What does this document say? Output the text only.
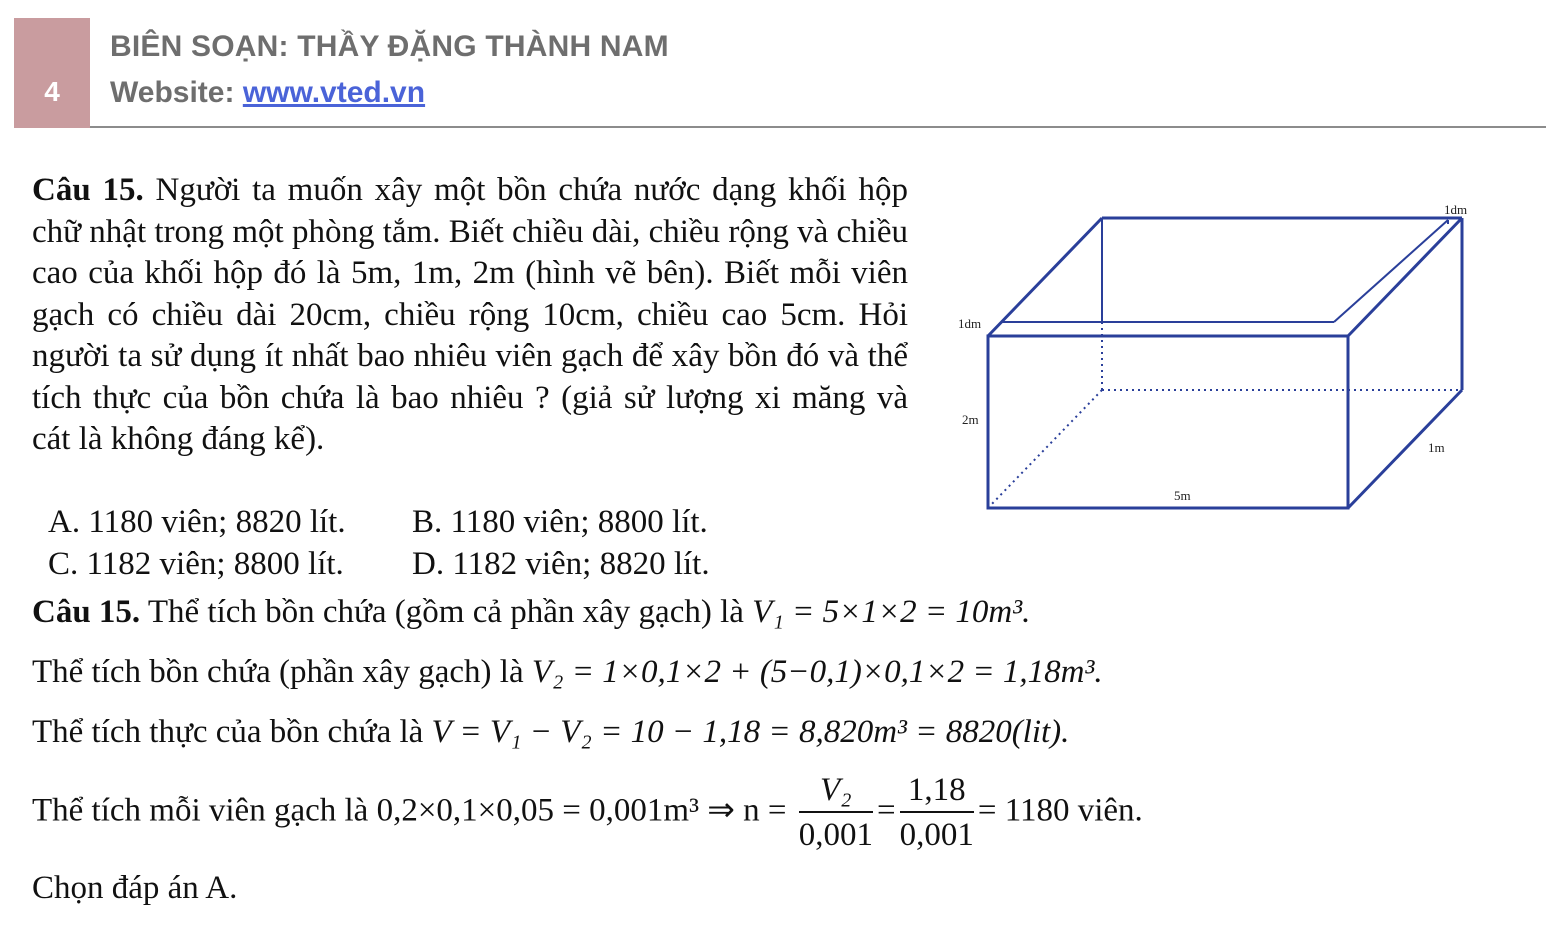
4
BIÊN SOẠN: THẦY ĐẶNG THÀNH NAM
Website: www.vted.vn
Câu 15. Người ta muốn xây một bồn chứa nước dạng khối hộp chữ nhật trong một phòng tắm. Biết chiều dài, chiều rộng và chiều cao của khối hộp đó là 5m, 1m, 2m (hình vẽ bên). Biết mỗi viên gạch có chiều dài 20cm, chiều rộng 10cm, chiều cao 5cm. Hỏi người ta sử dụng ít nhất bao nhiêu viên gạch để xây bồn đó và thể tích thực của bồn chứa là bao nhiêu ? (giả sử lượng xi măng và cát là không đáng kể).
A. 1180 viên; 8820 lít. B. 1180 viên; 8800 lít.
C. 1182 viên; 8800 lít. D. 1182 viên; 8820 lít.
1dm
1dm
2m
1m
5m
Câu 15. Thể tích bồn chứa (gồm cả phần xây gạch) là V₁ = 5×1×2 = 10m³.
Thể tích bồn chứa (phần xây gạch) là V₂ = 1×0,1×2 + (5−0,1)×0,1×2 = 1,18m³.
Thể tích thực của bồn chứa là V = V₁ − V₂ = 10 − 1,18 = 8,820m³ = 8820(lit).
Thể tích mỗi viên gạch là 0,2×0,1×0,05 = 0,001m³ ⇒ $n = \frac{\text{V₂}}{0,001} = \frac{1,18}{0,001} = 1180$ viên.
Chọn đáp án A.
